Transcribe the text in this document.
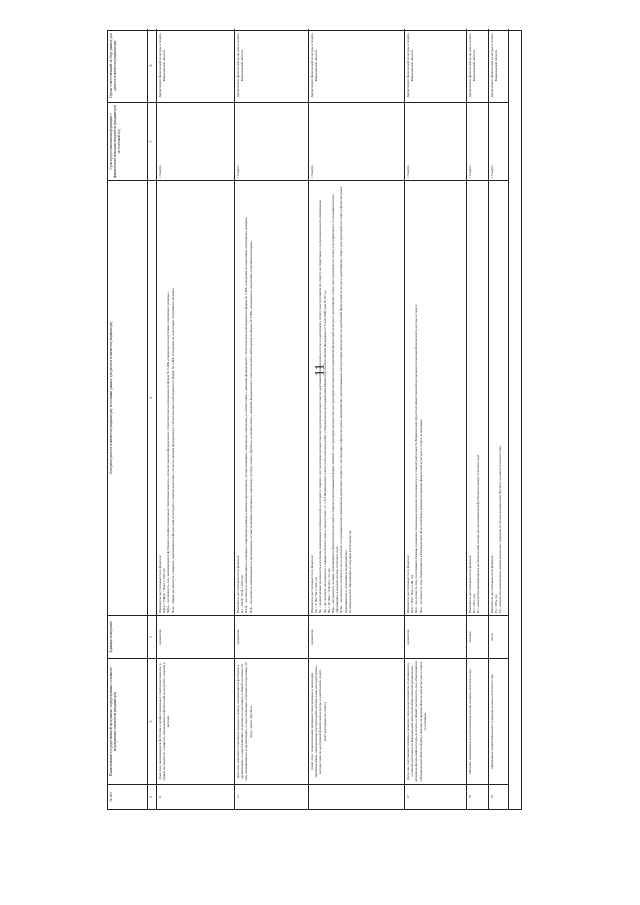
11
№ п/п
Наименование государственной программы, подпрограммы, основного мероприятия, показателя (индикатора)
Единицы измерения
Алгоритм расчета показателя (индикатора), источники данных для расчета показателя (индикатора)
Срок предоставления информации о фактическом значении показателя (индикатора) за отчетный год
Орган, ответственный за сбор данных для расчета показателя (индикатора)
1
2
3
4
5
6
11
Доля лиц, занимающихся футболом в профессиональных спортивных школах, в общей численности учащихся, занимающихся физической культурой и спортом в регионе
процентов
Показатель рассчитывается по формуле: Дфув = (Чфув / Чсш) х 100, где Чфув - численность лиц, занимающихся футболом в профессиональных спортивных школах, согласно данным федерального статистического наблюдения по форме № 5-ФК «Сведения по подготовке спортивного резерва»; Чсш - общая численность учащихся, занимающихся физической культурой и спортом в регионе, согласно данным федерального статистического наблюдения по форме № 5-ФК «Сведения по подготовке спортивного резерва»
15 марта
Департамент физической культуры и спорта Воронежской области
12
Доля лиц, имеющих спортивные разряды и звания, занимающихся футболом в организациях, осуществляющих спортивную подготовку, в общей численности лиц, занимающихся в организациях, осуществляющих спортивную подготовку по виду спорта «футбол»
процентов
Показатель рассчитывается по формуле: Дз = Чзсф / Чсф х 100, где Чзсф - численность занимающихся, имеющих спортивные разряды и звания в организациях, осуществляющих спортивную подготовку, в соответствии с данными федерального статистического наблюдения по форме № 5-ФК «Сведения по подготовке спортивного резерва»; Чсф - численность занимающихся в организациях, осуществляющих спортивную подготовку по виду спорта «футбол», в соответствии с данными федерального статистического наблюдения по форме № 5-ФК «Сведения по подготовке спортивного резерва»
15 марта
Департамент физической культуры и спорта Воронежской области
Охват лиц с ограниченными возможностями здоровья и инвалидов мероприятиями, проводимыми инструкторами-методистами, инструкторами-методистами по адаптивной физической культуре и адаптивному спорту (инструкторами по спорту)
процентов
Показатель рассчитывается по формуле: Ои = Σ Чи / Чн х 100, где Чи - среднегодовая численность населения, занимающегося физической культурой и спортом с инструктором-методистом, инструктором-методистом по адаптивной физической культуре и адаптивному спорту (инструктором по спорту) на территории i-го муниципального образования; Чн - численность населения на 1 января отчетного года в соответствии с п. 1.8.3 Федерального плана статистических работ, утвержденного распоряжением Правительства Российской Федерации от 6 мая 2008 года № 671-р; Чи = (Σ Чмн + Σ Чувн) / 12, где Чмн - численность человек, занимающихся физической культурой и спортом в организованной форме занятий с инструктором-методистом, инструктором-методистом по адаптивной физической культуре и адаптивному спорту (инструктором по спорту) на территории i-го муниципального образования, в каждом месяце отчетного года; Чувн - численность человек из числа жителей i-го муниципального образования различного возраста, участвующих в физкультурных мероприятиях, организованных инструктором-методистом по адаптивной физической культуре и адаптивному спорту (инструктором по спорту) физкультурных мероприятиях и спортивных мероприятиях муниципального образования за текущий (отчетный) год
15 марта
Департамент физической культуры и спорта Воронежской области
17
Доля лиц, получивших помощь в решении социальных вопросов, относящихся к уставной деятельности Воронежской областной общественной организации ветеранов физической культуры и спорта, в общей численности лиц, обратившихся в Воронежский областной фонд помощи ветеранам физической культуры и спорта за помощью
процентов
Показатель рассчитывается по формуле: Дпп = Чпп / Чоо х 100, где Чпп - численность лиц, получивших помощь в решении социальных вопросов, относящихся к уставной деятельности Воронежской областной общественной организации ветеранов физической культуры и спорта; Чоо - численность лиц, обратившихся в Воронежский областной фонд помощи ветеранам физической культуры и спорта за помощью
15 марта
Департамент физической культуры и спорта Воронежской области
18
Наличие занимающихся на безоплатной основе на конец отчетного года
человек
Показатель рассчитывается по формуле: Кз = ΣКз, где Кз - количество занимающихся на безоплатной основе детско-юношеским футболом на конец отчетного года
15 марта
Департамент физической культуры и спорта Воронежской области
19
Проведение межрегиональных турниров на конец отчетного года
штук
Показатель рассчитывается по формуле: Гр = ΣГр, где Гр - количество проведенных межрегиональных турниров по детско-юношескому футболу на конец отчетного года
15 марта
Департамент физической культуры и спорта Воронежской области
